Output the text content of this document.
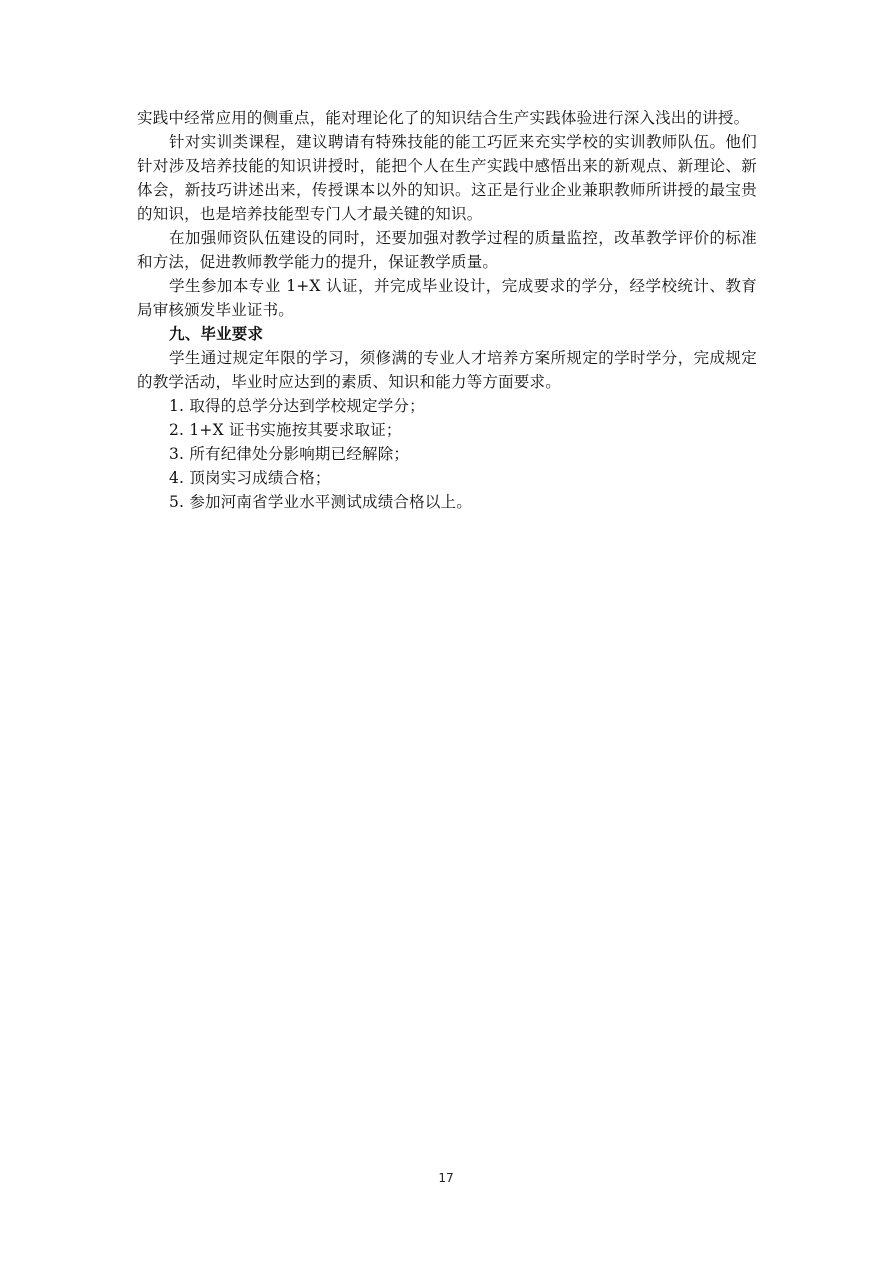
实践中经常应用的侧重点，能对理论化了的知识结合生产实践体验进行深入浅出的讲授。

针对实训类课程，建议聘请有特殊技能的能工巧匠来充实学校的实训教师队伍。他们针对涉及培养技能的知识讲授时，能把个人在生产实践中感悟出来的新观点、新理论、新体会，新技巧讲述出来，传授课本以外的知识。这正是行业企业兼职教师所讲授的最宝贵的知识，也是培养技能型专门人才最关键的知识。

在加强师资队伍建设的同时，还要加强对教学过程的质量监控，改革教学评价的标准和方法，促进教师教学能力的提升，保证教学质量。

学生参加本专业 1+X 认证，并完成毕业设计，完成要求的学分，经学校统计、教育局审核颁发毕业证书。

九、毕业要求

学生通过规定年限的学习，须修满的专业人才培养方案所规定的学时学分，完成规定的教学活动，毕业时应达到的素质、知识和能力等方面要求。

1. 取得的总学分达到学校规定学分；

2. 1+X 证书实施按其要求取证；

3. 所有纪律处分影响期已经解除；

4. 顶岗实习成绩合格；

5. 参加河南省学业水平测试成绩合格以上。

17
